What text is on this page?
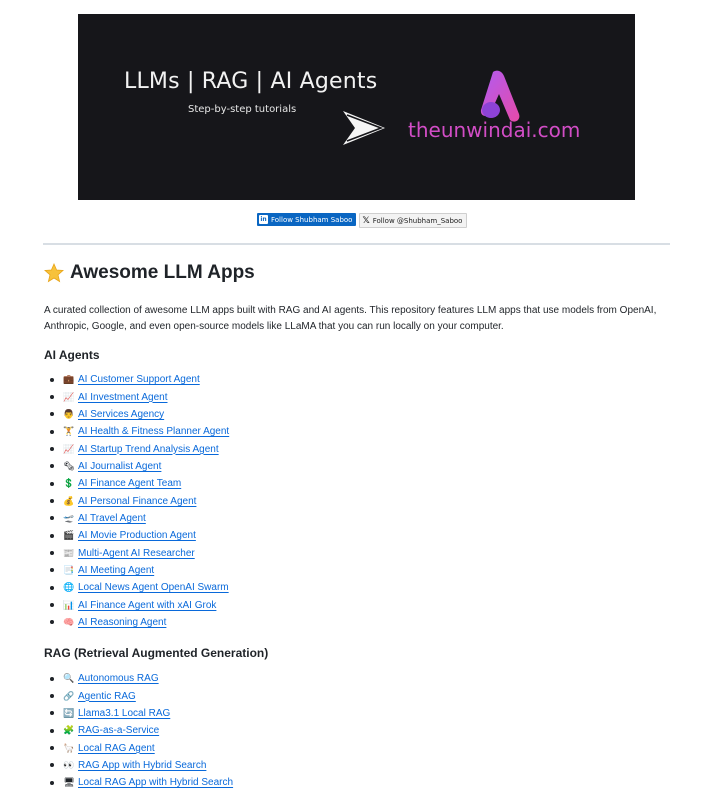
LLMs | RAG | AI Agents
Step-by-step tutorials
theunwindai.com
in Follow Shubham Saboo 𝕏 Follow @Shubham_Saboo
Awesome LLM Apps
A curated collection of awesome LLM apps built with RAG and AI agents. This repository features LLM apps that use models from OpenAI, Anthropic, Google, and even open-source models like LLaMA that you can run locally on your computer.
AI Agents
💼 AI Customer Support Agent
📈 AI Investment Agent
👨 AI Services Agency
🏋 AI Health & Fitness Planner Agent
📈 AI Startup Trend Analysis Agent
🗞 AI Journalist Agent
💲 AI Finance Agent Team
💰 AI Personal Finance Agent
🛫 AI Travel Agent
🎬 AI Movie Production Agent
📰 Multi-Agent AI Researcher
📑 AI Meeting Agent
🌐 Local News Agent OpenAI Swarm
📊 AI Finance Agent with xAI Grok
🧠 AI Reasoning Agent
RAG (Retrieval Augmented Generation)
🔍 Autonomous RAG
🔗 Agentic RAG
🔄 Llama3.1 Local RAG
🧩 RAG-as-a-Service
🦙 Local RAG Agent
👀 RAG App with Hybrid Search
🖥 Local RAG App with Hybrid Search
